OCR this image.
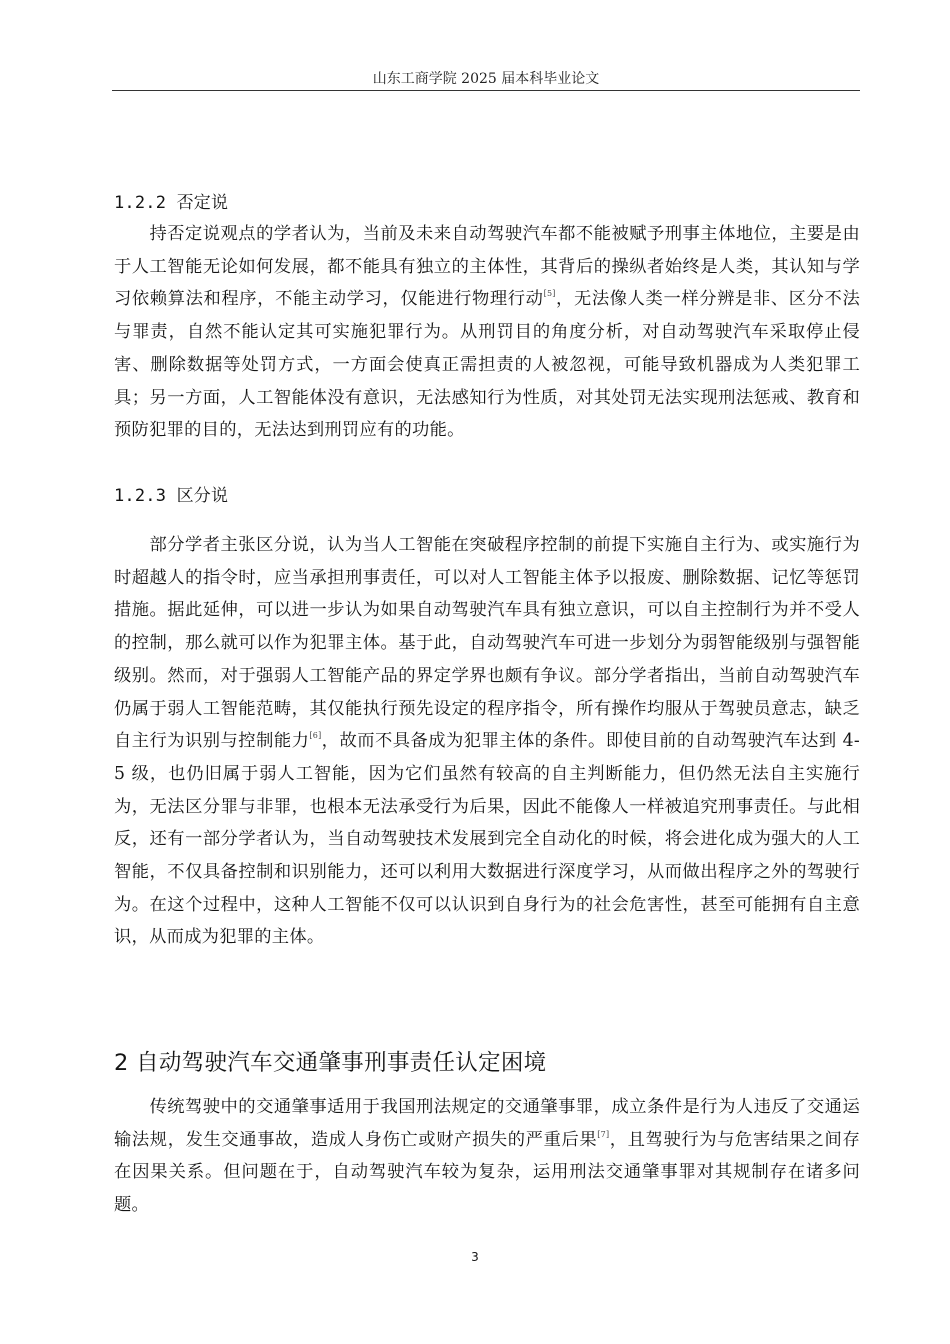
山东工商学院 2025 届本科毕业论文
1.2.2 否定说

持否定说观点的学者认为，当前及未来自动驾驶汽车都不能被赋予刑事主体地位，主要是由于人工智能无论如何发展，都不能具有独立的主体性，其背后的操纵者始终是人类，其认知与学习依赖算法和程序，不能主动学习，仅能进行物理行动[5]，无法像人类一样分辨是非、区分不法与罪责，自然不能认定其可实施犯罪行为。从刑罚目的角度分析，对自动驾驶汽车采取停止侵害、删除数据等处罚方式，一方面会使真正需担责的人被忽视，可能导致机器成为人类犯罪工具；另一方面，人工智能体没有意识，无法感知行为性质，对其处罚无法实现刑法惩戒、教育和预防犯罪的目的，无法达到刑罚应有的功能。

1.2.3 区分说

部分学者主张区分说，认为当人工智能在突破程序控制的前提下实施自主行为、或实施行为时超越人的指令时，应当承担刑事责任，可以对人工智能主体予以报废、删除数据、记忆等惩罚措施。据此延伸，可以进一步认为如果自动驾驶汽车具有独立意识，可以自主控制行为并不受人的控制，那么就可以作为犯罪主体。基于此，自动驾驶汽车可进一步划分为弱智能级别与强智能级别。然而，对于强弱人工智能产品的界定学界也颇有争议。部分学者指出，当前自动驾驶汽车仍属于弱人工智能范畴，其仅能执行预先设定的程序指令，所有操作均服从于驾驶员意志，缺乏自主行为识别与控制能力[6]，故而不具备成为犯罪主体的条件。即使目前的自动驾驶汽车达到 4-5 级，也仍旧属于弱人工智能，因为它们虽然有较高的自主判断能力，但仍然无法自主实施行为，无法区分罪与非罪，也根本无法承受行为后果，因此不能像人一样被追究刑事责任。与此相反，还有一部分学者认为，当自动驾驶技术发展到完全自动化的时候，将会进化成为强大的人工智能，不仅具备控制和识别能力，还可以利用大数据进行深度学习，从而做出程序之外的驾驶行为。在这个过程中，这种人工智能不仅可以认识到自身行为的社会危害性，甚至可能拥有自主意识，从而成为犯罪的主体。

2 自动驾驶汽车交通肇事刑事责任认定困境

传统驾驶中的交通肇事适用于我国刑法规定的交通肇事罪，成立条件是行为人违反了交通运输法规，发生交通事故，造成人身伤亡或财产损失的严重后果[7]，且驾驶行为与危害结果之间存在因果关系。但问题在于，自动驾驶汽车较为复杂，运用刑法交通肇事罪对其规制存在诸多问题。

3
